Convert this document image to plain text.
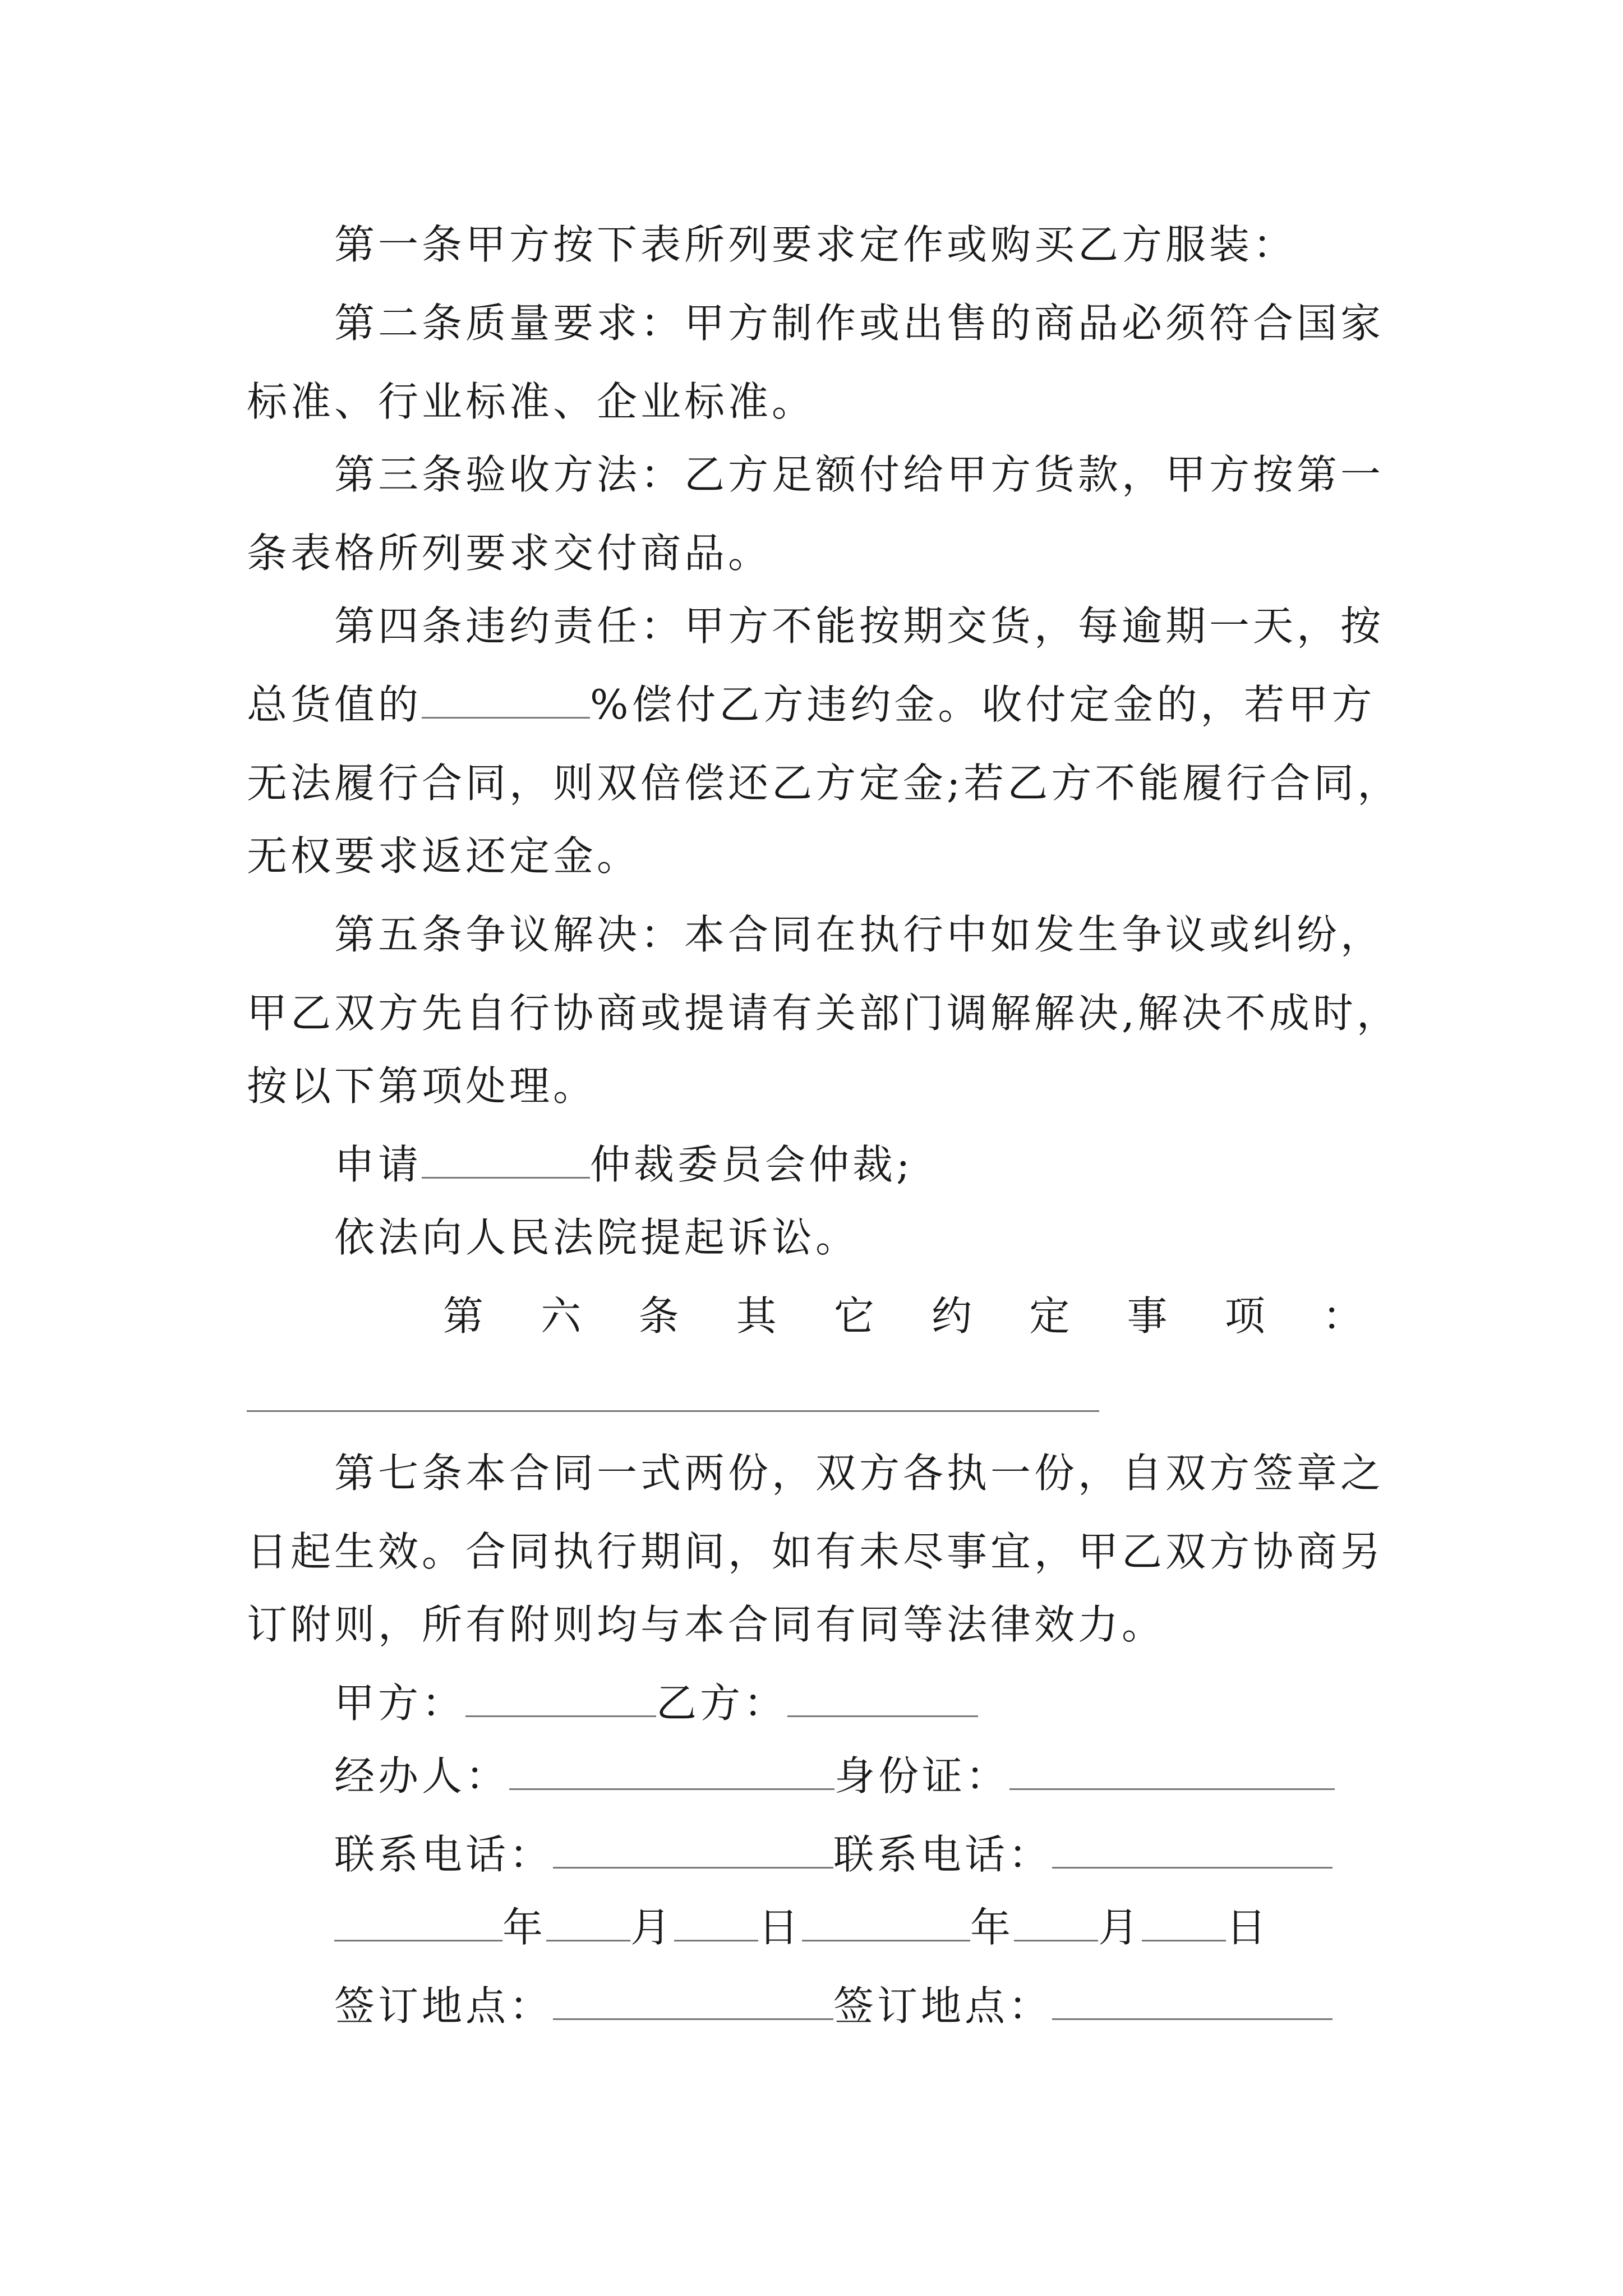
第一条甲方按下表所列要求定作或购买乙方服装：
第二条质量要求：甲方制作或出售的商品必须符合国家
标准、行业标准、企业标准。
第三条验收方法：乙方足额付给甲方货款，甲方按第一
条表格所列要求交付商品。
第四条违约责任：甲方不能按期交货，每逾期一天，按
总货值的	%偿付乙方违约金。收付定金的，若甲方
无法履行合同，则双倍偿还乙方定金;若乙方不能履行合同，
无权要求返还定金。
第五条争议解决：本合同在执行中如发生争议或纠纷，
甲乙双方先自行协商或提请有关部门调解解决,解决不成时，
按以下第项处理。
申请	仲裁委员会仲裁;
依法向人民法院提起诉讼。
第 六 条 其 它 约 定 事 项 ：
第七条本合同一式两份，双方各执一份，自双方签章之
日起生效。合同执行期间，如有未尽事宜，甲乙双方协商另
订附则，所有附则均与本合同有同等法律效力。
甲方：	乙方：
经办人：	身份证：
联系电话：	联系电话：
年 月 日	年 月 日
签订地点：	签订地点：
